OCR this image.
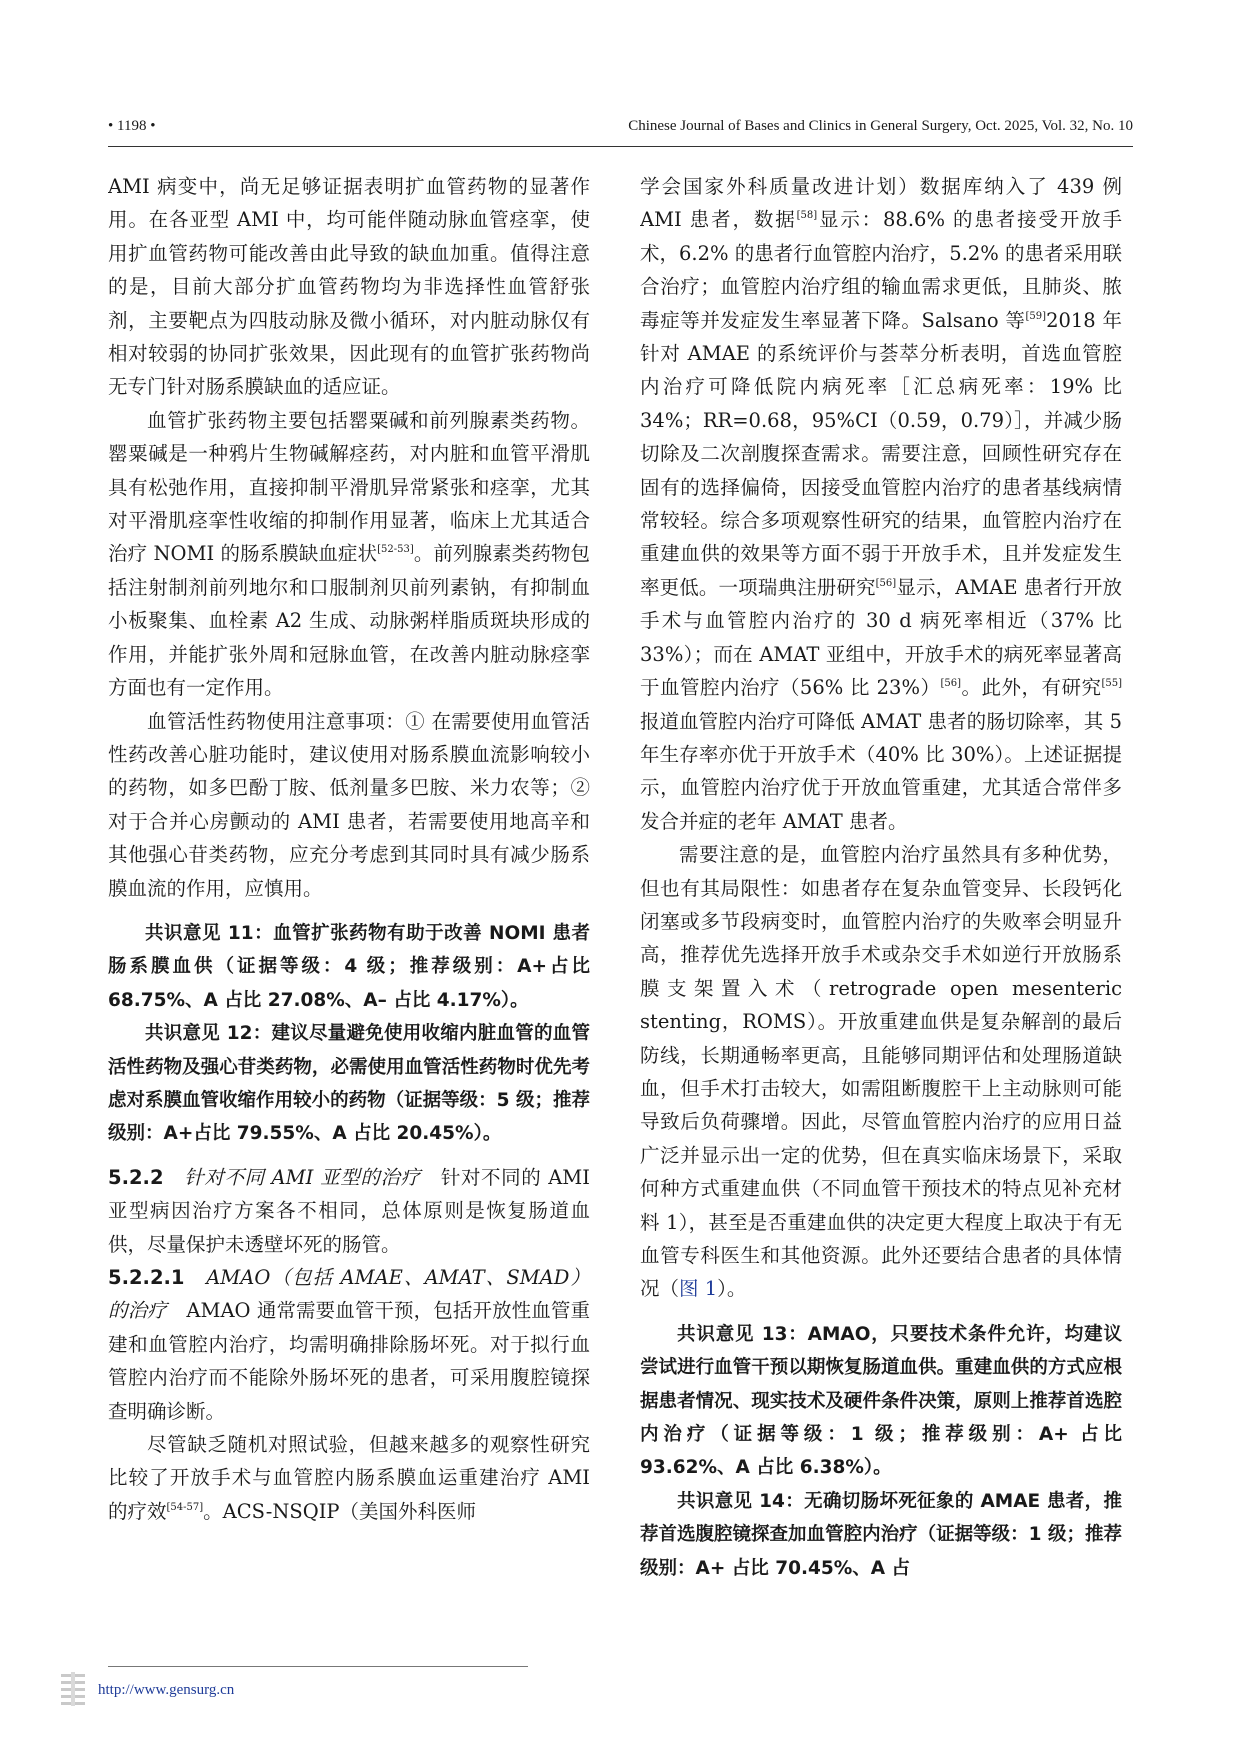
• 1198 •	Chinese Journal of Bases and Clinics in General Surgery, Oct. 2025, Vol. 32, No. 10

AMI 病变中，尚无足够证据表明扩血管药物的显著作用。在各亚型 AMI 中，均可能伴随动脉血管痉挛，使用扩血管药物可能改善由此导致的缺血加重。值得注意的是，目前大部分扩血管药物均为非选择性血管舒张剂，主要靶点为四肢动脉及微小循环，对内脏动脉仅有相对较弱的协同扩张效果，因此现有的血管扩张药物尚无专门针对肠系膜缺血的适应证。

血管扩张药物主要包括罂粟碱和前列腺素类药物。罂粟碱是一种鸦片生物碱解痉药，对内脏和血管平滑肌具有松弛作用，直接抑制平滑肌异常紧张和痉挛，尤其对平滑肌痉挛性收缩的抑制作用显著，临床上尤其适合治疗 NOMI 的肠系膜缺血症状[52-53]。前列腺素类药物包括注射制剂前列地尔和口服制剂贝前列素钠，有抑制血小板聚集、血栓素 A2 生成、动脉粥样脂质斑块形成的作用，并能扩张外周和冠脉血管，在改善内脏动脉痉挛方面也有一定作用。

血管活性药物使用注意事项：① 在需要使用血管活性药改善心脏功能时，建议使用对肠系膜血流影响较小的药物，如多巴酚丁胺、低剂量多巴胺、米力农等；② 对于合并心房颤动的 AMI 患者，若需要使用地高辛和其他强心苷类药物，应充分考虑到其同时具有减少肠系膜血流的作用，应慎用。

共识意见 11：血管扩张药物有助于改善 NOMI 患者肠系膜血供（证据等级：4 级；推荐级别：A+占比 68.75%、A 占比 27.08%、A– 占比 4.17%）。

共识意见 12：建议尽量避免使用收缩内脏血管的血管活性药物及强心苷类药物，必需使用血管活性药物时优先考虑对系膜血管收缩作用较小的药物（证据等级：5 级；推荐级别：A+占比 79.55%、A 占比 20.45%）。

5.2.2　 针对不同 AMI 亚型的治疗　 针对不同的 AMI 亚型病因治疗方案各不相同，总体原则是恢复肠道血供，尽量保护未透壁坏死的肠管。

5.2.2.1　 AMAO（包括 AMAE、AMAT、SMAD）的治疗　 AMAO 通常需要血管干预，包括开放性血管重建和血管腔内治疗，均需明确排除肠坏死。对于拟行血管腔内治疗而不能除外肠坏死的患者，可采用腹腔镜探查明确诊断。

尽管缺乏随机对照试验，但越来越多的观察性研究比较了开放手术与血管腔内肠系膜血运重建治疗 AMI 的疗效[54-57]。ACS-NSQIP（美国外科医师

学会国家外科质量改进计划）数据库纳入了 439 例 AMI 患者，数据[58]显示：88.6% 的患者接受开放手术，6.2% 的患者行血管腔内治疗，5.2% 的患者采用联合治疗；血管腔内治疗组的输血需求更低，且肺炎、脓毒症等并发症发生率显著下降。Salsano 等[59]2018 年针对 AMAE 的系统评价与荟萃分析表明，首选血管腔内治疗可降低院内病死率［汇总病死率：19% 比 34%；RR=0.68，95%CI（0.59，0.79）］，并减少肠切除及二次剖腹探查需求。需要注意，回顾性研究存在固有的选择偏倚，因接受血管腔内治疗的患者基线病情常较轻。综合多项观察性研究的结果，血管腔内治疗在重建血供的效果等方面不弱于开放手术，且并发症发生率更低。一项瑞典注册研究[56]显示，AMAE 患者行开放手术与血管腔内治疗的 30 d 病死率相近（37% 比 33%）；而在 AMAT 亚组中，开放手术的病死率显著高于血管腔内治疗（56% 比 23%）[56]。此外，有研究[55]报道血管腔内治疗可降低 AMAT 患者的肠切除率，其 5 年生存率亦优于开放手术（40% 比 30%）。上述证据提示，血管腔内治疗优于开放血管重建，尤其适合常伴多发合并症的老年 AMAT 患者。

需要注意的是，血管腔内治疗虽然具有多种优势，但也有其局限性：如患者存在复杂血管变异、长段钙化闭塞或多节段病变时，血管腔内治疗的失败率会明显升高，推荐优先选择开放手术或杂交手术如逆行开放肠系膜支架置入术（retrograde open mesenteric stenting，ROMS）。开放重建血供是复杂解剖的最后防线，长期通畅率更高，且能够同期评估和处理肠道缺血，但手术打击较大，如需阻断腹腔干上主动脉则可能导致后负荷骤增。因此，尽管血管腔内治疗的应用日益广泛并显示出一定的优势，但在真实临床场景下，采取何种方式重建血供（不同血管干预技术的特点见补充材料 1），甚至是否重建血供的决定更大程度上取决于有无血管专科医生和其他资源。此外还要结合患者的具体情况（图 1）。

共识意见 13：AMAO，只要技术条件允许，均建议尝试进行血管干预以期恢复肠道血供。重建血供的方式应根据患者情况、现实技术及硬件条件决策，原则上推荐首选腔内治疗（证据等级：1 级；推荐级别：A+ 占比 93.62%、A 占比 6.38%）。

共识意见 14：无确切肠坏死征象的 AMAE 患者，推荐首选腹腔镜探查加血管腔内治疗（证据等级：1 级；推荐级别：A+ 占比 70.45%、A 占

http://www.gensurg.cn
